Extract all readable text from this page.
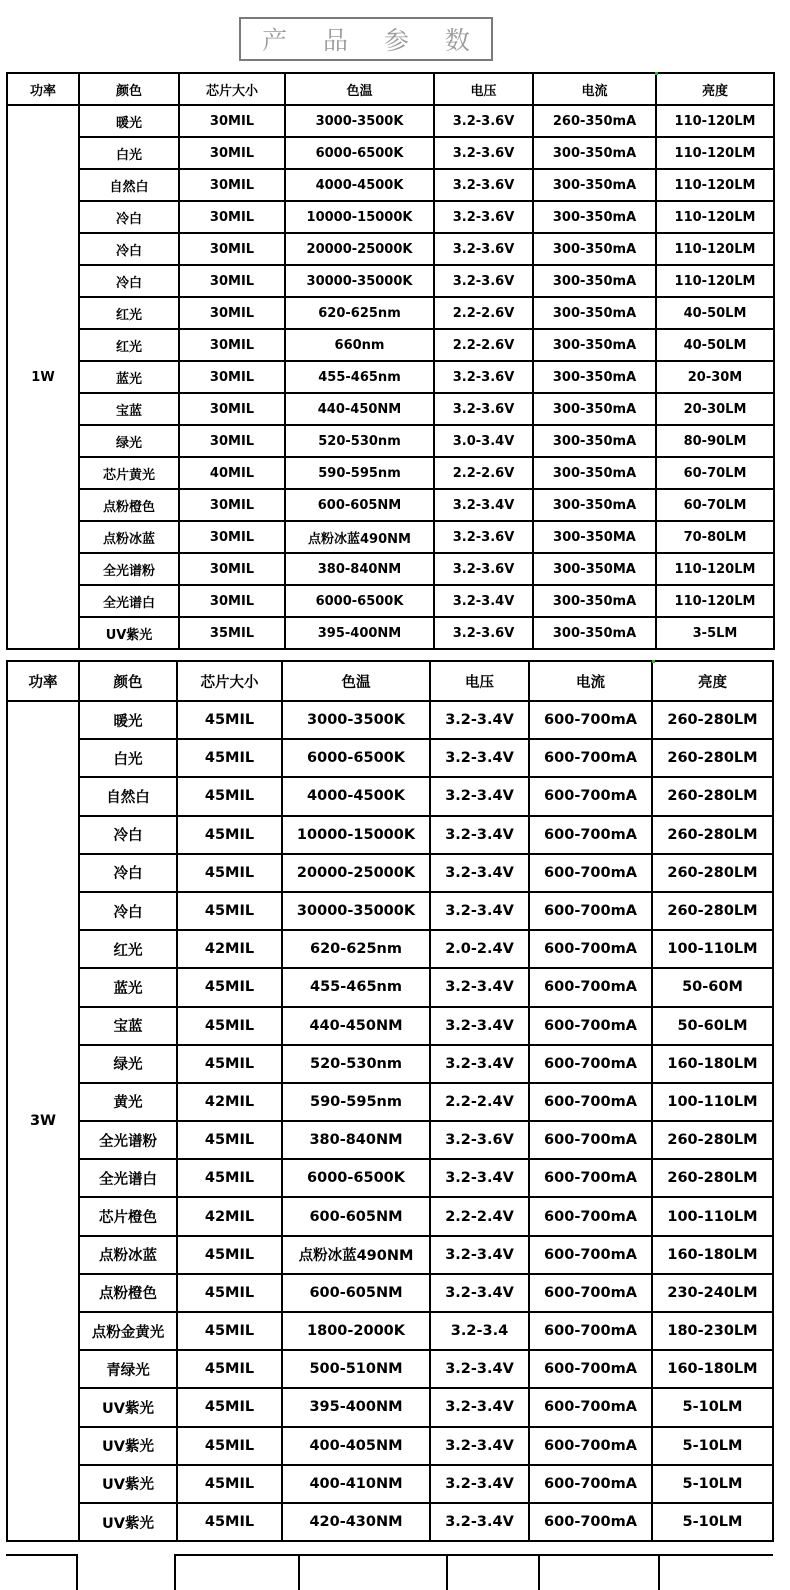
产 品 参 数
功率	颜色	芯片大小	色温	电压	电流	亮度
1W	暖光	30MIL	3000-3500K	3.2-3.6V	260-350mA	110-120LM
	白光	30MIL	6000-6500K	3.2-3.6V	300-350mA	110-120LM
	自然白	30MIL	4000-4500K	3.2-3.6V	300-350mA	110-120LM
	冷白	30MIL	10000-15000K	3.2-3.6V	300-350mA	110-120LM
	冷白	30MIL	20000-25000K	3.2-3.6V	300-350mA	110-120LM
	冷白	30MIL	30000-35000K	3.2-3.6V	300-350mA	110-120LM
	红光	30MIL	620-625nm	2.2-2.6V	300-350mA	40-50LM
	红光	30MIL	660nm	2.2-2.6V	300-350mA	40-50LM
	蓝光	30MIL	455-465nm	3.2-3.6V	300-350mA	20-30M
	宝蓝	30MIL	440-450NM	3.2-3.6V	300-350mA	20-30LM
	绿光	30MIL	520-530nm	3.0-3.4V	300-350mA	80-90LM
	芯片黄光	40MIL	590-595nm	2.2-2.6V	300-350mA	60-70LM
	点粉橙色	30MIL	600-605NM	3.2-3.4V	300-350mA	60-70LM
	点粉冰蓝	30MIL	点粉冰蓝490NM	3.2-3.6V	300-350MA	70-80LM
	全光谱粉	30MIL	380-840NM	3.2-3.6V	300-350MA	110-120LM
	全光谱白	30MIL	6000-6500K	3.2-3.4V	300-350mA	110-120LM
	UV紫光	35MIL	395-400NM	3.2-3.6V	300-350mA	3-5LM
功率	颜色	芯片大小	色温	电压	电流	亮度
3W	暖光	45MIL	3000-3500K	3.2-3.4V	600-700mA	260-280LM
	白光	45MIL	6000-6500K	3.2-3.4V	600-700mA	260-280LM
	自然白	45MIL	4000-4500K	3.2-3.4V	600-700mA	260-280LM
	冷白	45MIL	10000-15000K	3.2-3.4V	600-700mA	260-280LM
	冷白	45MIL	20000-25000K	3.2-3.4V	600-700mA	260-280LM
	冷白	45MIL	30000-35000K	3.2-3.4V	600-700mA	260-280LM
	红光	42MIL	620-625nm	2.0-2.4V	600-700mA	100-110LM
	蓝光	45MIL	455-465nm	3.2-3.4V	600-700mA	50-60M
	宝蓝	45MIL	440-450NM	3.2-3.4V	600-700mA	50-60LM
	绿光	45MIL	520-530nm	3.2-3.4V	600-700mA	160-180LM
	黄光	42MIL	590-595nm	2.2-2.4V	600-700mA	100-110LM
	全光谱粉	45MIL	380-840NM	3.2-3.6V	600-700mA	260-280LM
	全光谱白	45MIL	6000-6500K	3.2-3.4V	600-700mA	260-280LM
	芯片橙色	42MIL	600-605NM	2.2-2.4V	600-700mA	100-110LM
	点粉冰蓝	45MIL	点粉冰蓝490NM	3.2-3.4V	600-700mA	160-180LM
	点粉橙色	45MIL	600-605NM	3.2-3.4V	600-700mA	230-240LM
	点粉金黄光	45MIL	1800-2000K	3.2-3.4	600-700mA	180-230LM
	青绿光	45MIL	500-510NM	3.2-3.4V	600-700mA	160-180LM
	UV紫光	45MIL	395-400NM	3.2-3.4V	600-700mA	5-10LM
	UV紫光	45MIL	400-405NM	3.2-3.4V	600-700mA	5-10LM
	UV紫光	45MIL	400-410NM	3.2-3.4V	600-700mA	5-10LM
	UV紫光	45MIL	420-430NM	3.2-3.4V	600-700mA	5-10LM
